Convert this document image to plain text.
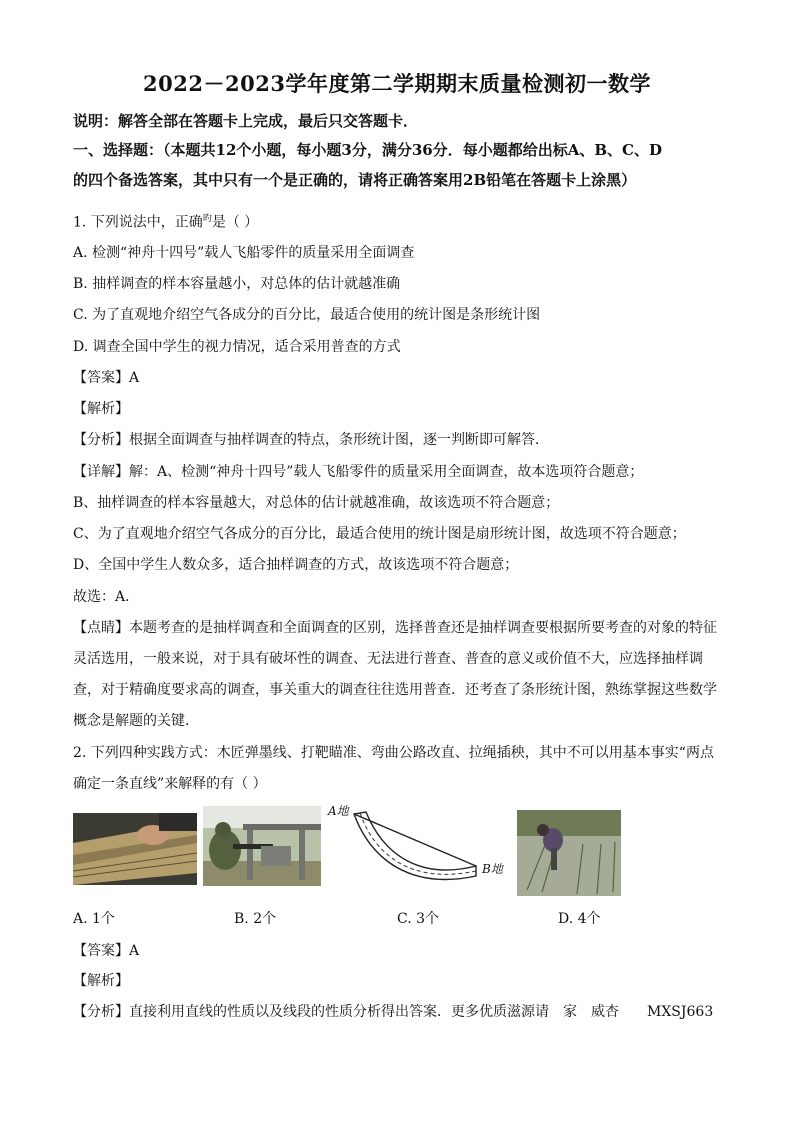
2022－2023学年度第二学期期末质量检测初一数学
说明：解答全部在答题卡上完成，最后只交答题卡．
一、选择题：（本题共12个小题，每小题3分，满分36分．每小题都给出标A、B、C、D
的四个备选答案，其中只有一个是正确的，请将正确答案用2B铅笔在答题卡上涂黑）
1. 下列说法中，正确$^旳$是（ ）
A. 检测“神舟十四号”载人飞船零件的质量采用全面调查
B. 抽样调查的样本容量越小，对总体的估计就越准确
C. 为了直观地介绍空气各成分的百分比，最适合使用的统计图是条形统计图
D. 调查全国中学生的视力情况，适合采用普查的方式
【答案】A
【解析】
【分析】根据全面调查与抽样调查的特点，条形统计图，逐一判断即可解答．
【详解】解：A、检测“神舟十四号”载人飞船零件的质量采用全面调查，故本选项符合题意；
B、抽样调查的样本容量越大，对总体的估计就越准确，故该选项不符合题意；
C、为了直观地介绍空气各成分的百分比，最适合使用的统计图是扇形统计图，故选项不符合题意；
D、全国中学生人数众多，适合抽样调查的方式，故该选项不符合题意；
故选：A．
【点睛】本题考查的是抽样调查和全面调查的区别，选择普查还是抽样调查要根据所要考查的对象的特征
灵活选用，一般来说，对于具有破坏性的调查、无法进行普查、普查的意义或价值不大，应选择抽样调
查，对于精确度要求高的调查，事关重大的调查往往选用普查．还考查了条形统计图，熟练掌握这些数学
概念是解题的关键．
2. 下列四种实践方式：木匠弹墨线、打靶瞄准、弯曲公路改直、拉绳插秧，其中不可以用基本事实“两点
确定一条直线”来解释的有（ ）
A地
B地
A. 1个	B. 2个	C. 3个	D. 4个
【答案】A
【解析】
【分析】直接利用直线的性质以及线段的性质分析得出答案．更多优质滋源请　家　威杏　　MXSJ663
